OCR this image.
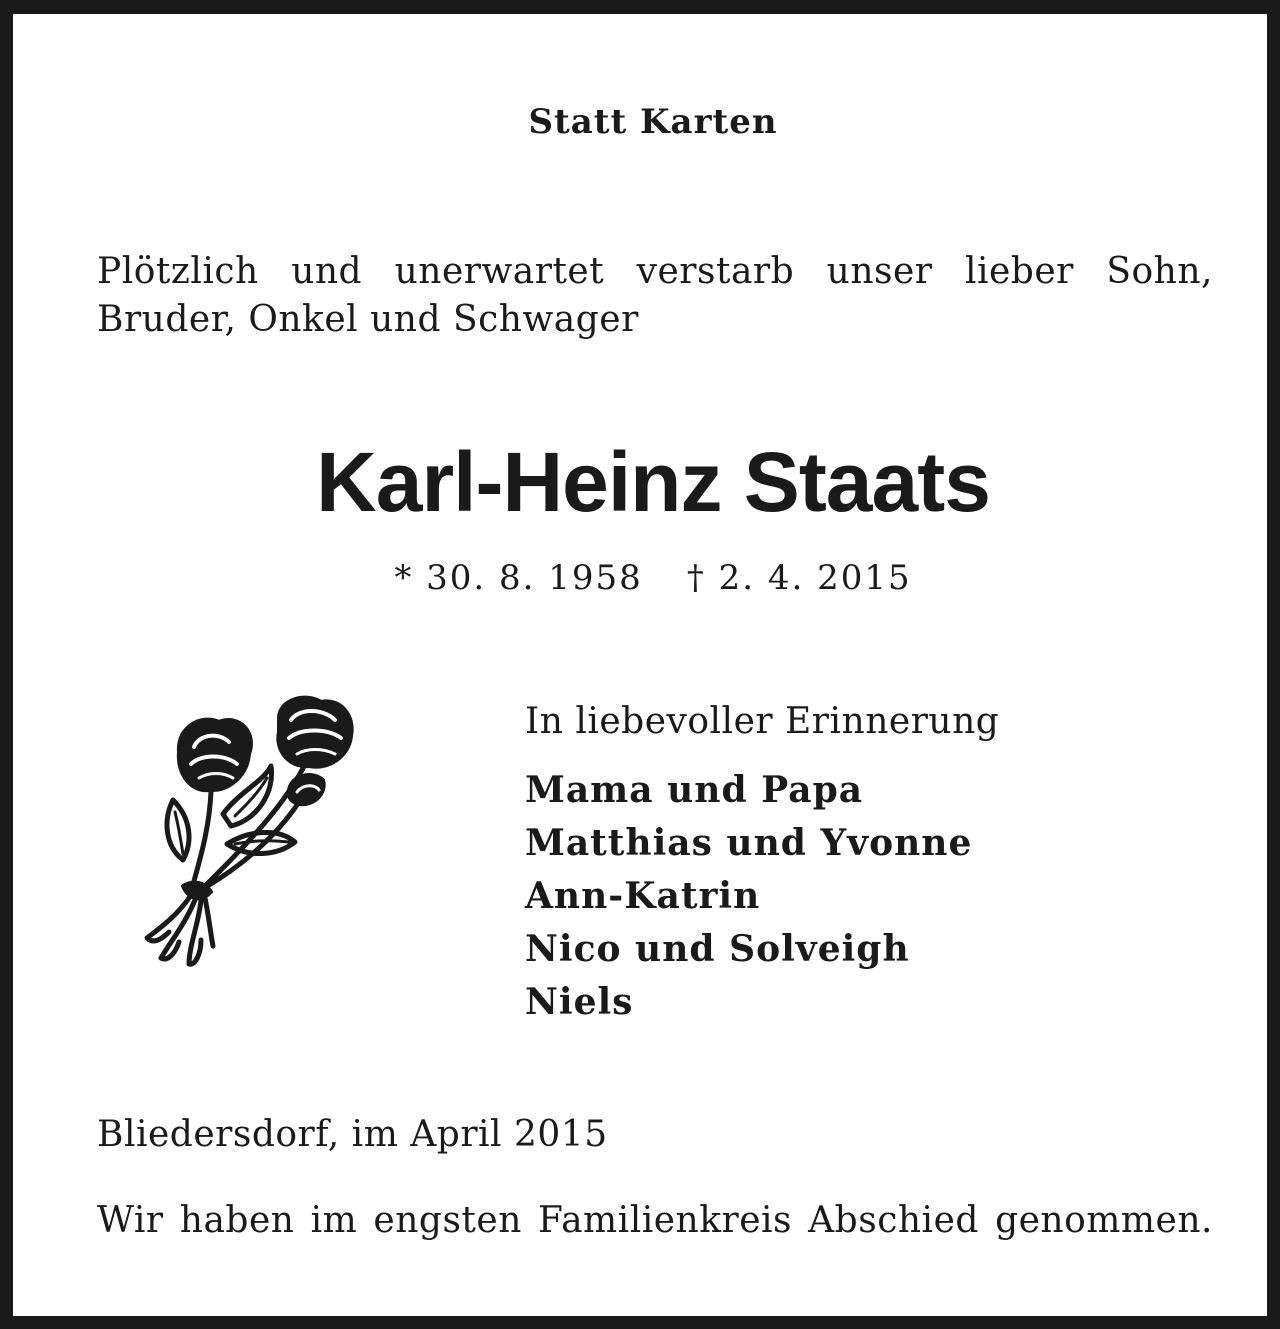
Statt Karten
Plötzlich und unerwartet verstarb unser lieber Sohn,
Bruder, Onkel und Schwager
Karl-Heinz Staats
* 30. 8. 1958 † 2. 4. 2015
In liebevoller Erinnerung
Mama und Papa
Matthias und Yvonne
Ann-Katrin
Nico und Solveigh
Niels
Bliedersdorf, im April 2015
Wir haben im engsten Familienkreis Abschied genommen.
